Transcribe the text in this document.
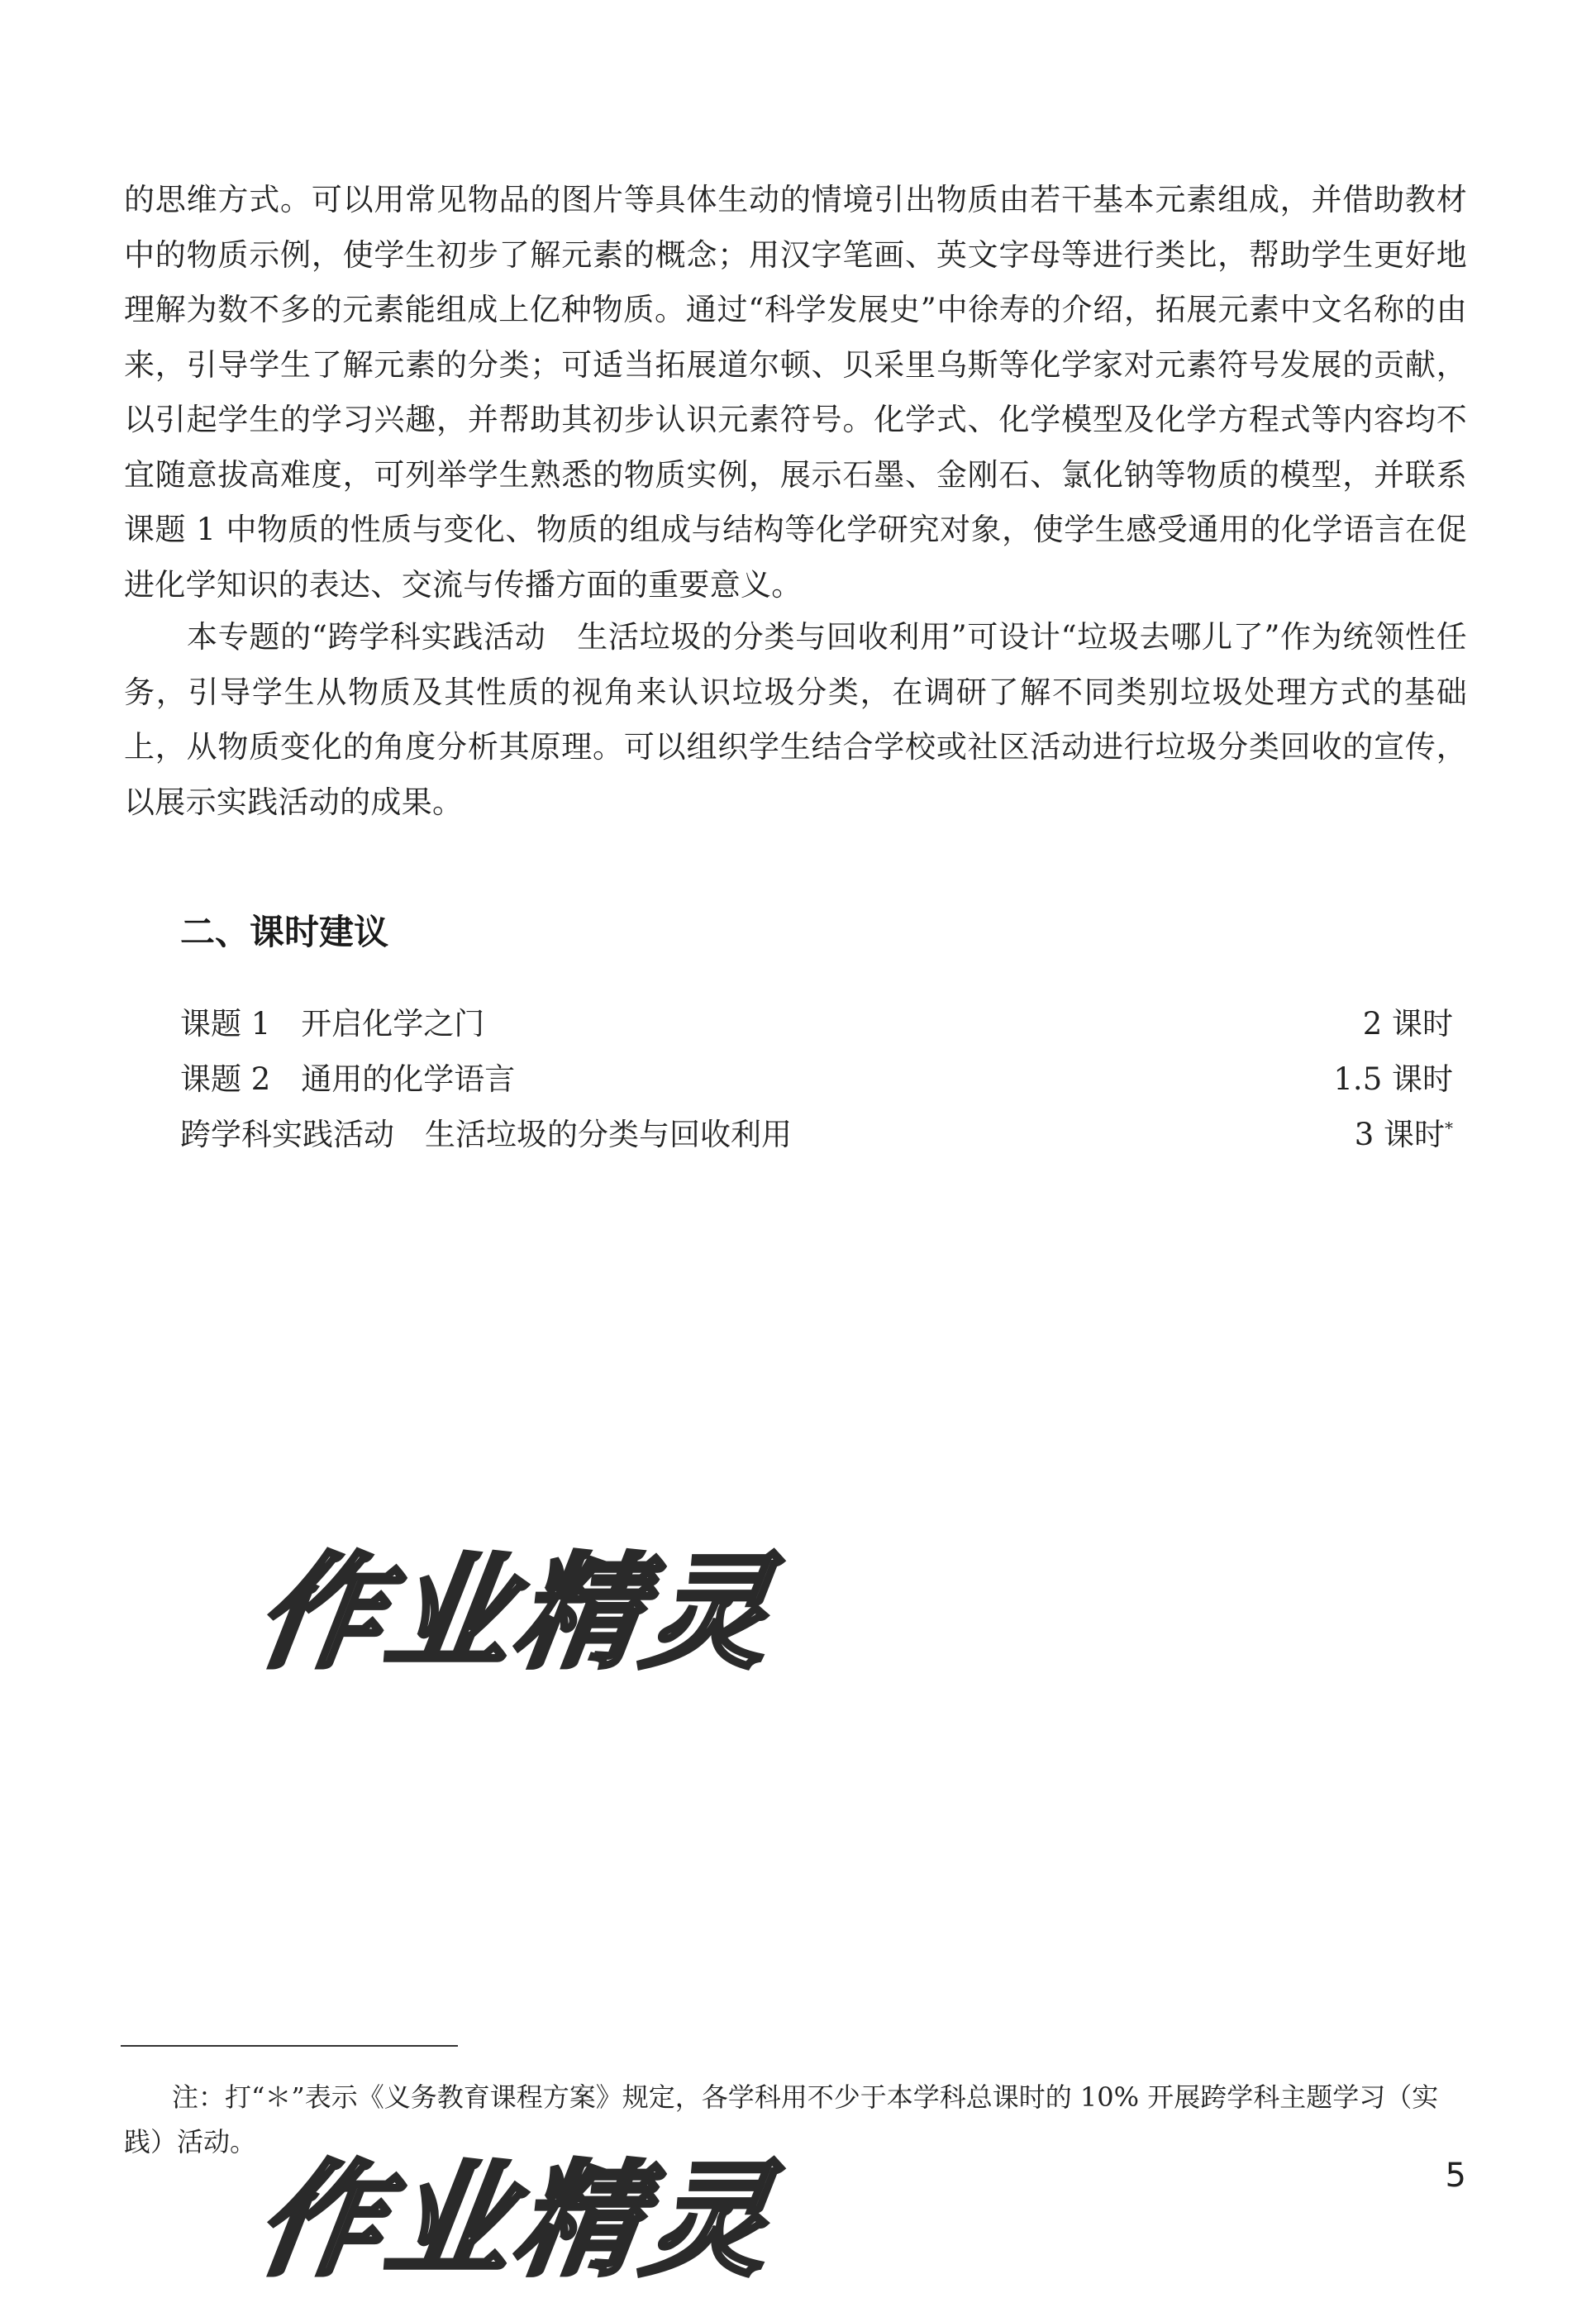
的思维方式。可以用常见物品的图片等具体生动的情境引出物质由若干基本元素组成，并借助教材中的物质示例，使学生初步了解元素的概念；用汉字笔画、英文字母等进行类比，帮助学生更好地理解为数不多的元素能组成上亿种物质。通过“科学发展史”中徐寿的介绍，拓展元素中文名称的由来，引导学生了解元素的分类；可适当拓展道尔顿、贝采里乌斯等化学家对元素符号发展的贡献，以引起学生的学习兴趣，并帮助其初步认识元素符号。化学式、化学模型及化学方程式等内容均不宜随意拔高难度，可列举学生熟悉的物质实例，展示石墨、金刚石、氯化钠等物质的模型，并联系课题 1 中物质的性质与变化、物质的组成与结构等化学研究对象，使学生感受通用的化学语言在促进化学知识的表达、交流与传播方面的重要意义。
本专题的“跨学科实践活动　生活垃圾的分类与回收利用”可设计“垃圾去哪儿了”作为统领性任务，引导学生从物质及其性质的视角来认识垃圾分类，在调研了解不同类别垃圾处理方式的基础上，从物质变化的角度分析其原理。可以组织学生结合学校或社区活动进行垃圾分类回收的宣传，以展示实践活动的成果。
二、课时建议
课题 1　开启化学之门	2 课时
课题 2　通用的化学语言	1.5 课时
跨学科实践活动　生活垃圾的分类与回收利用	3 课时*
作业精灵
注：打“＊”表示《义务教育课程方案》规定，各学科用不少于本学科总课时的 10% 开展跨学科主题学习（实践）活动。
作业精灵	5
